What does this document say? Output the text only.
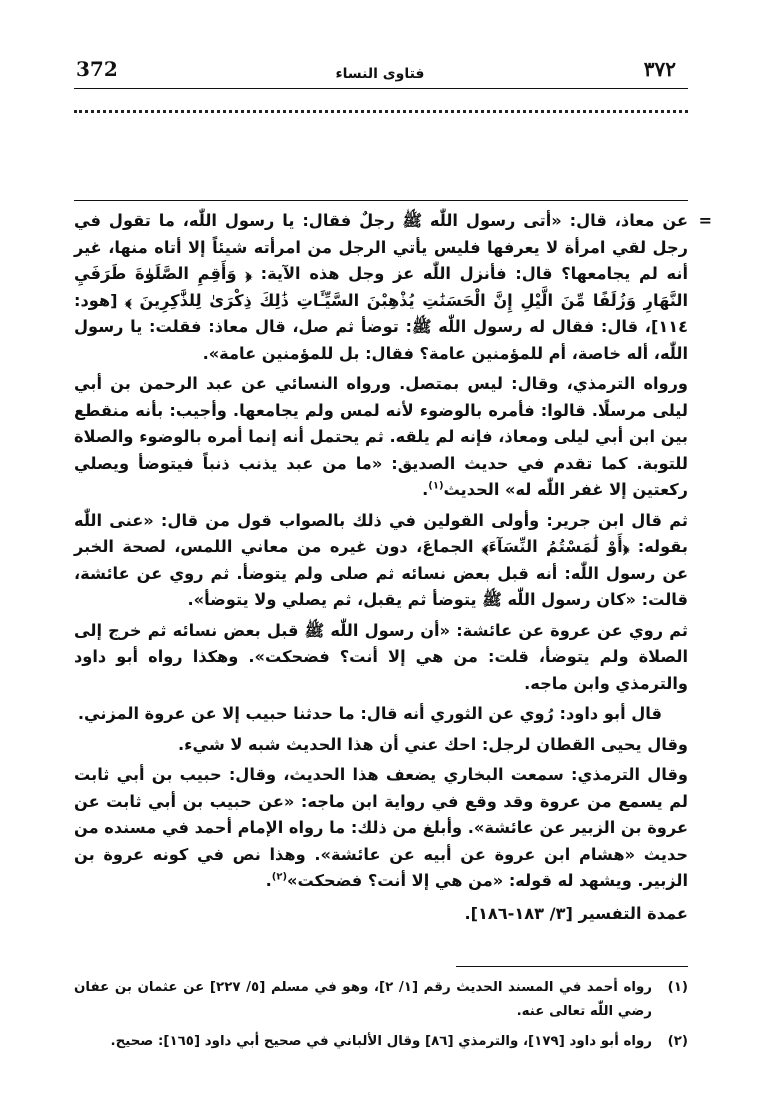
372	فتاوى النساء	٣٧٢

=
عن معاذ، قال: «أتى رسول اللّٰه ﷺ رجلٌ فقال: يا رسول اللّٰه، ما تقول في رجل لقي امرأة لا يعرفها فليس يأتي الرجل من امرأته شيئاً إلا أتاه منها، غير أنه لم يجامعها؟ قال: فأنزل اللّٰه عز وجل هذه الآية: ﴿ وَأَقِمِ الصَّلَوٰةَ طَرَفَيِ النَّهَارِ وَزُلَفًا مِّنَ الَّيْلِ إِنَّ الْحَسَنَٰتِ يُذْهِبْنَ السَّيِّـَٔاتِ ذَٰلِكَ ذِكْرَىٰ لِلذَّٰكِرِينَ ﴾ [هود: ١١٤]، قال: فقال له رسول اللّٰه ﷺ: توضأ ثم صل، قال معاذ: فقلت: يا رسول اللّٰه، أله خاصة، أم للمؤمنين عامة؟ فقال: بل للمؤمنين عامة».

ورواه الترمذي، وقال: ليس بمتصل. ورواه النسائي عن عبد الرحمن بن أبي ليلى مرسلًا. قالوا: فأمره بالوضوء لأنه لمس ولم يجامعها. وأجيب: بأنه منقطع بين ابن أبي ليلى ومعاذ، فإنه لم يلقه. ثم يحتمل أنه إنما أمره بالوضوء والصلاة للتوبة. كما تقدم في حديث الصديق: «ما من عبد يذنب ذنباً فيتوضأ ويصلي ركعتين إلا غفر اللّٰه له» الحديث$^{(١)}$.

ثم قال ابن جرير: وأولى القولين في ذلك بالصواب قول من قال: «عنى اللّٰه بقوله: ﴿أَوْ لَٰمَسْتُمُ النِّسَآءَ﴾ الجماعَ، دون غيره من معاني اللمس، لصحة الخبر عن رسول اللّٰه: أنه قبل بعض نسائه ثم صلى ولم يتوضأ. ثم روي عن عائشة، قالت: «كان رسول اللّٰه ﷺ يتوضأ ثم يقبل، ثم يصلي ولا يتوضأ».

ثم روي عن عروة عن عائشة: «أن رسول اللّٰه ﷺ قبل بعض نسائه ثم خرج إلى الصلاة ولم يتوضأ، قلت: من هي إلا أنت؟ فضحكت». وهكذا رواه أبو داود والترمذي وابن ماجه.

قال أبو داود: رُوي عن الثوري أنه قال: ما حدثنا حبيب إلا عن عروة المزني.

وقال يحيى القطان لرجل: احك عني أن هذا الحديث شبه لا شيء.

وقال الترمذي: سمعت البخاري يضعف هذا الحديث، وقال: حبيب بن أبي ثابت لم يسمع من عروة وقد وقع في رواية ابن ماجه: «عن حبيب بن أبي ثابت عن عروة بن الزبير عن عائشة». وأبلغ من ذلك: ما رواه الإمام أحمد في مسنده من حديث «هشام ابن عروة عن أبيه عن عائشة». وهذا نص في كونه عروة بن الزبير. ويشهد له قوله: «من هي إلا أنت؟ فضحكت»$^{(٢)}$.

عمدة التفسير [٣/ ١٨٣-١٨٦].

(١)
رواه أحمد في المسند الحديث رقم [١/ ٢]، وهو في مسلم [٥/ ٢٢٧] عن عثمان بن عفان رضي اللّٰه تعالى عنه.
(٢)
رواه أبو داود [١٧٩]، والترمذي [٨٦] وقال الألباني في صحيح أبي داود [١٦٥]: صحيح.
